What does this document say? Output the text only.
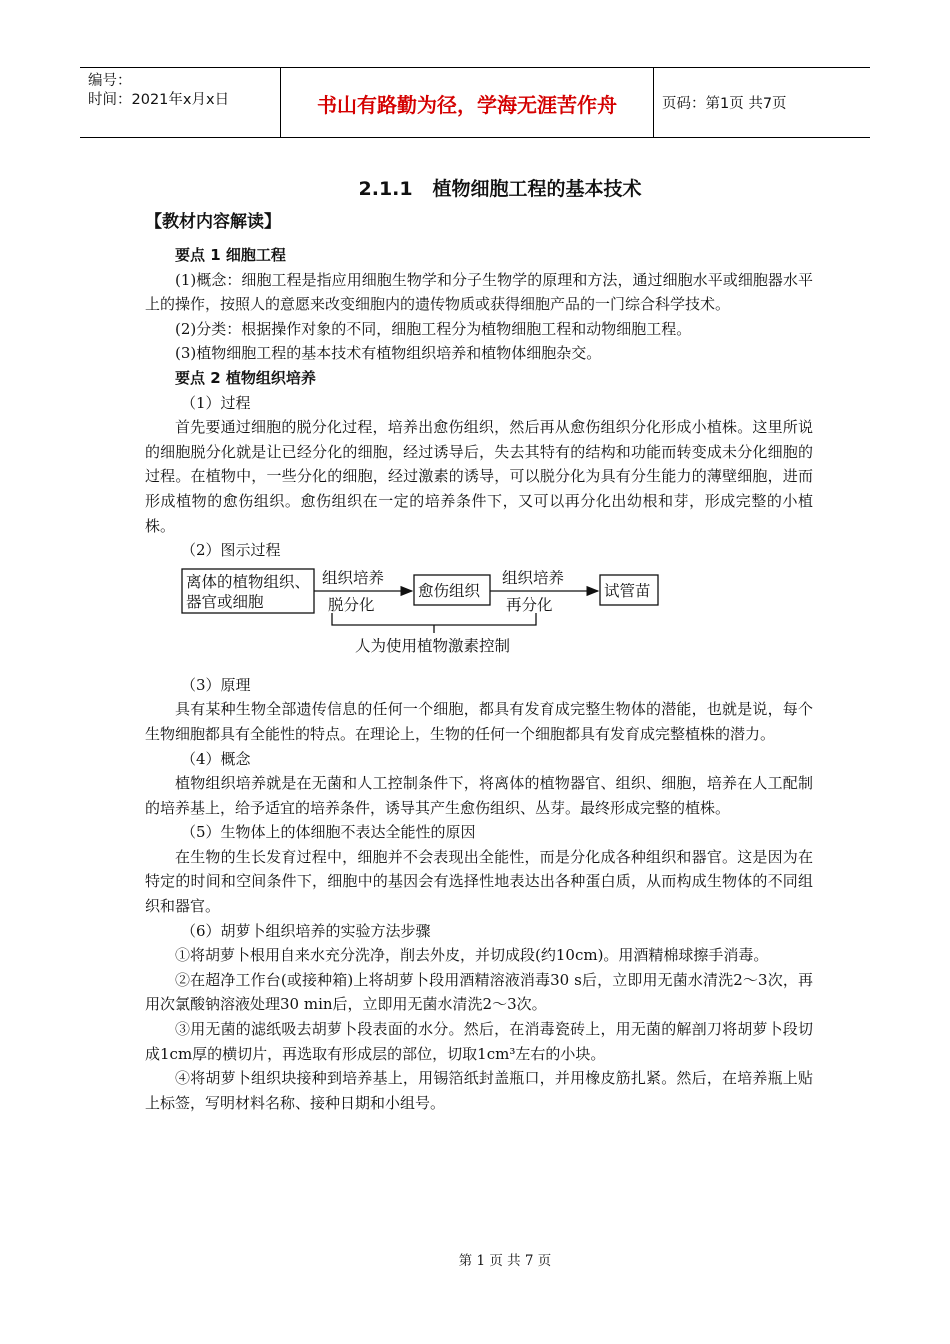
编号：
时间：2021年x月x日	书山有路勤为径，学海无涯苦作舟	页码：第1页 共7页
2.1.1 植物细胞工程的基本技术
【教材内容解读】

要点 1 细胞工程

(1)概念：细胞工程是指应用细胞生物学和分子生物学的原理和方法，通过细胞水平或细胞器水平上的操作，按照人的意愿来改变细胞内的遗传物质或获得细胞产品的一门综合科学技术。

(2)分类：根据操作对象的不同，细胞工程分为植物细胞工程和动物细胞工程。

(3)植物细胞工程的基本技术有植物组织培养和植物体细胞杂交。

要点 2 植物组织培养

（1）过程

首先要通过细胞的脱分化过程，培养出愈伤组织，然后再从愈伤组织分化形成小植株。这里所说的细胞脱分化就是让已经分化的细胞，经过诱导后，失去其特有的结构和功能而转变成未分化细胞的过程。在植物中，一些分化的细胞，经过激素的诱导，可以脱分化为具有分生能力的薄壁细胞，进而形成植物的愈伤组织。愈伤组织在一定的培养条件下，又可以再分化出幼根和芽，形成完整的小植株。

（2）图示过程

离体的植物组织、
器官或细胞
组织培养
脱分化
愈伤组织
组织培养
再分化
试管苗
人为使用植物激素控制

（3）原理

具有某种生物全部遗传信息的任何一个细胞，都具有发育成完整生物体的潜能，也就是说，每个生物细胞都具有全能性的特点。在理论上，生物的任何一个细胞都具有发育成完整植株的潜力。

（4）概念

植物组织培养就是在无菌和人工控制条件下，将离体的植物器官、组织、细胞，培养在人工配制的培养基上，给予适宜的培养条件，诱导其产生愈伤组织、丛芽。最终形成完整的植株。

（5）生物体上的体细胞不表达全能性的原因

在生物的生长发育过程中，细胞并不会表现出全能性，而是分化成各种组织和器官。这是因为在特定的时间和空间条件下，细胞中的基因会有选择性地表达出各种蛋白质，从而构成生物体的不同组织和器官。

（6）胡萝卜组织培养的实验方法步骤

①将胡萝卜根用自来水充分洗净，削去外皮，并切成段(约10cm)。用酒精棉球擦手消毒。

②在超净工作台(或接种箱)上将胡萝卜段用酒精溶液消毒30 s后，立即用无菌水清洗2～3次，再用次氯酸钠溶液处理30 min后，立即用无菌水清洗2～3次。

③用无菌的滤纸吸去胡萝卜段表面的水分。然后，在消毒瓷砖上，用无菌的解剖刀将胡萝卜段切成1cm厚的横切片，再选取有形成层的部位，切取1cm³左右的小块。

④将胡萝卜组织块接种到培养基上，用锡箔纸封盖瓶口，并用橡皮筋扎紧。然后，在培养瓶上贴上标签，写明材料名称、接种日期和小组号。

第 1 页 共 7 页
